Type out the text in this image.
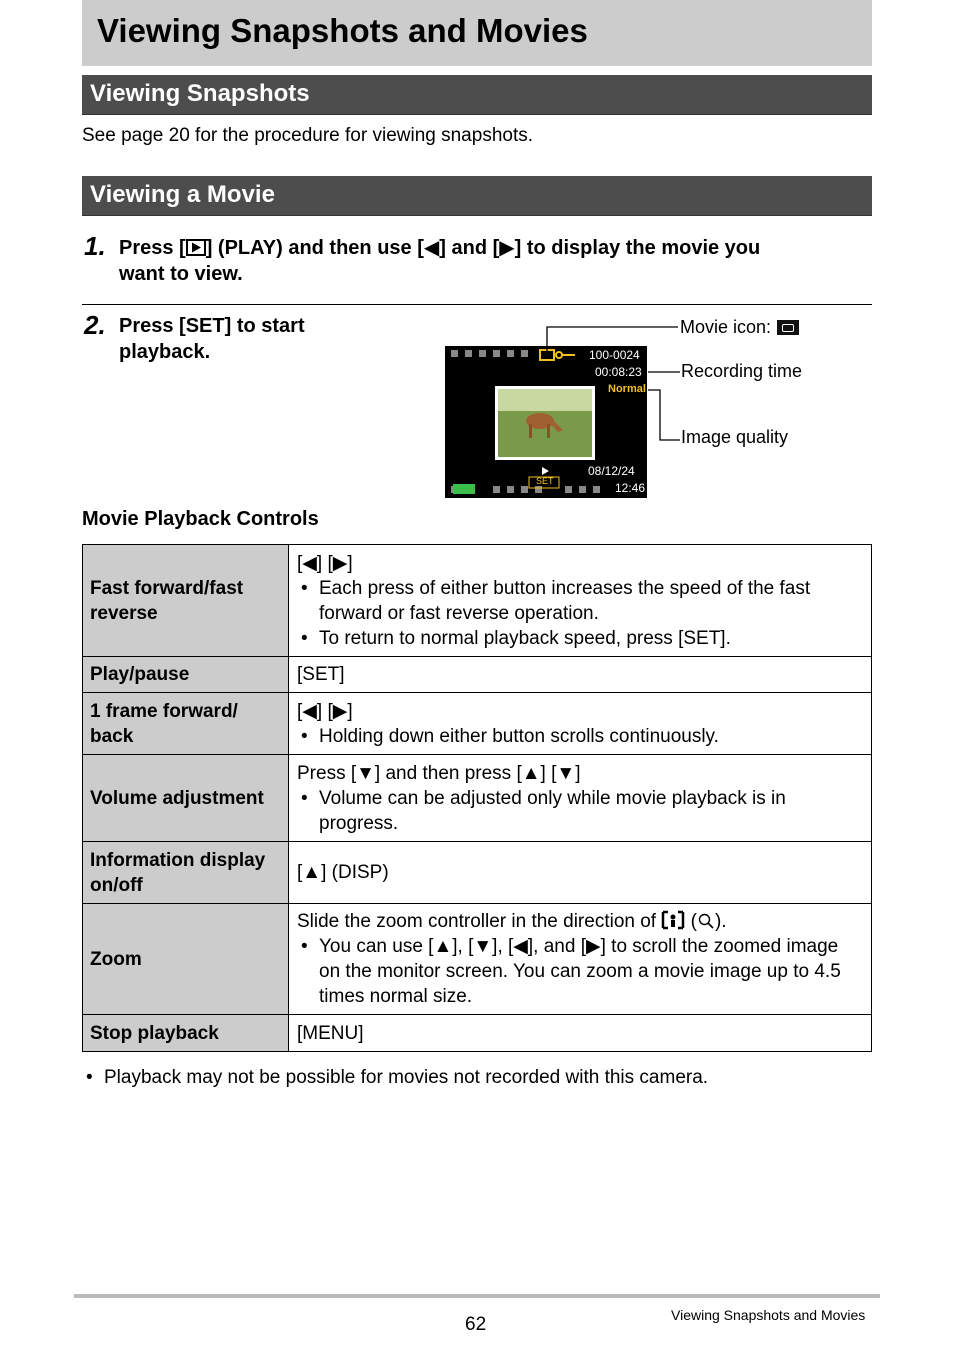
Viewing Snapshots and Movies
Viewing Snapshots
See page 20 for the procedure for viewing snapshots.
Viewing a Movie
1. Press [ ] (PLAY) and then use [◀] and [▶] to display the movie you
want to view.
2. Press [SET] to start
playback.	100-0024
00:08:23
Normal
08/12/24
12:46
SET
Movie icon:
Recording time
Image quality
Movie Playback Controls
Fast forward/fast reverse	[◀] [▶]
• Each press of either button increases the speed of the fast forward or fast reverse operation.
• To return to normal playback speed, press [SET].

Play/pause	[SET]

1 frame forward/ back	[◀] [▶]
• Holding down either button scrolls continuously.

Volume adjustment	Press [▼] and then press [▲] [▼]
• Volume can be adjusted only while movie playback is in progress.

Information display on/off	[▲] (DISP)

Zoom	Slide the zoom controller in the direction of  ( ).
• You can use [▲], [▼], [◀], and [▶] to scroll the zoomed image on the monitor screen. You can zoom a movie image up to 4.5 times normal size.

Stop playback	[MENU]
• Playback may not be possible for movies not recorded with this camera.
62	Viewing Snapshots and Movies
